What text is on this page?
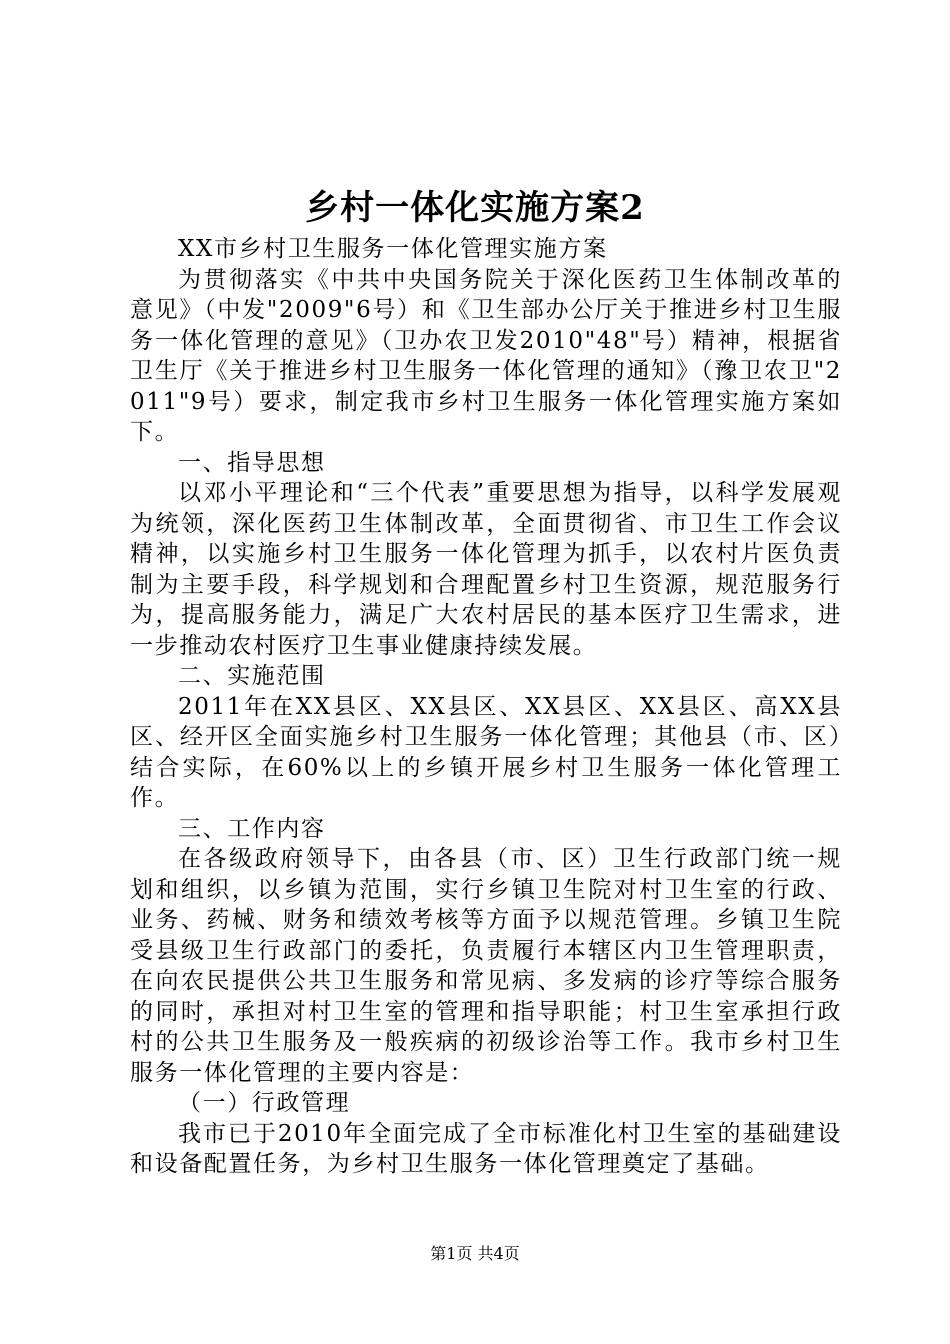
乡村一体化实施方案2

XX市乡村卫生服务一体化管理实施方案

为贯彻落实《中共中央国务院关于深化医药卫生体制改革的意见》（中发"2009"6号）和《卫生部办公厅关于推进乡村卫生服务一体化管理的意见》（卫办农卫发2010"48"号）精神，根据省卫生厅《关于推进乡村卫生服务一体化管理的通知》（豫卫农卫"2011"9号）要求，制定我市乡村卫生服务一体化管理实施方案如下。

一、指导思想

以邓小平理论和“三个代表”重要思想为指导，以科学发展观为统领，深化医药卫生体制改革，全面贯彻省、市卫生工作会议精神，以实施乡村卫生服务一体化管理为抓手，以农村片医负责制为主要手段，科学规划和合理配置乡村卫生资源，规范服务行为，提高服务能力，满足广大农村居民的基本医疗卫生需求，进一步推动农村医疗卫生事业健康持续发展。

二、实施范围

2011年在XX县区、XX县区、XX县区、XX县区、高XX县区、经开区全面实施乡村卫生服务一体化管理；其他县（市、区）结合实际，在60%以上的乡镇开展乡村卫生服务一体化管理工作。

三、工作内容

在各级政府领导下，由各县（市、区）卫生行政部门统一规划和组织，以乡镇为范围，实行乡镇卫生院对村卫生室的行政、业务、药械、财务和绩效考核等方面予以规范管理。乡镇卫生院受县级卫生行政部门的委托，负责履行本辖区内卫生管理职责，在向农民提供公共卫生服务和常见病、多发病的诊疗等综合服务的同时，承担对村卫生室的管理和指导职能；村卫生室承担行政村的公共卫生服务及一般疾病的初级诊治等工作。我市乡村卫生服务一体化管理的主要内容是：

（一）行政管理

我市已于2010年全面完成了全市标准化村卫生室的基础建设和设备配置任务，为乡村卫生服务一体化管理奠定了基础。

第1页 共4页
